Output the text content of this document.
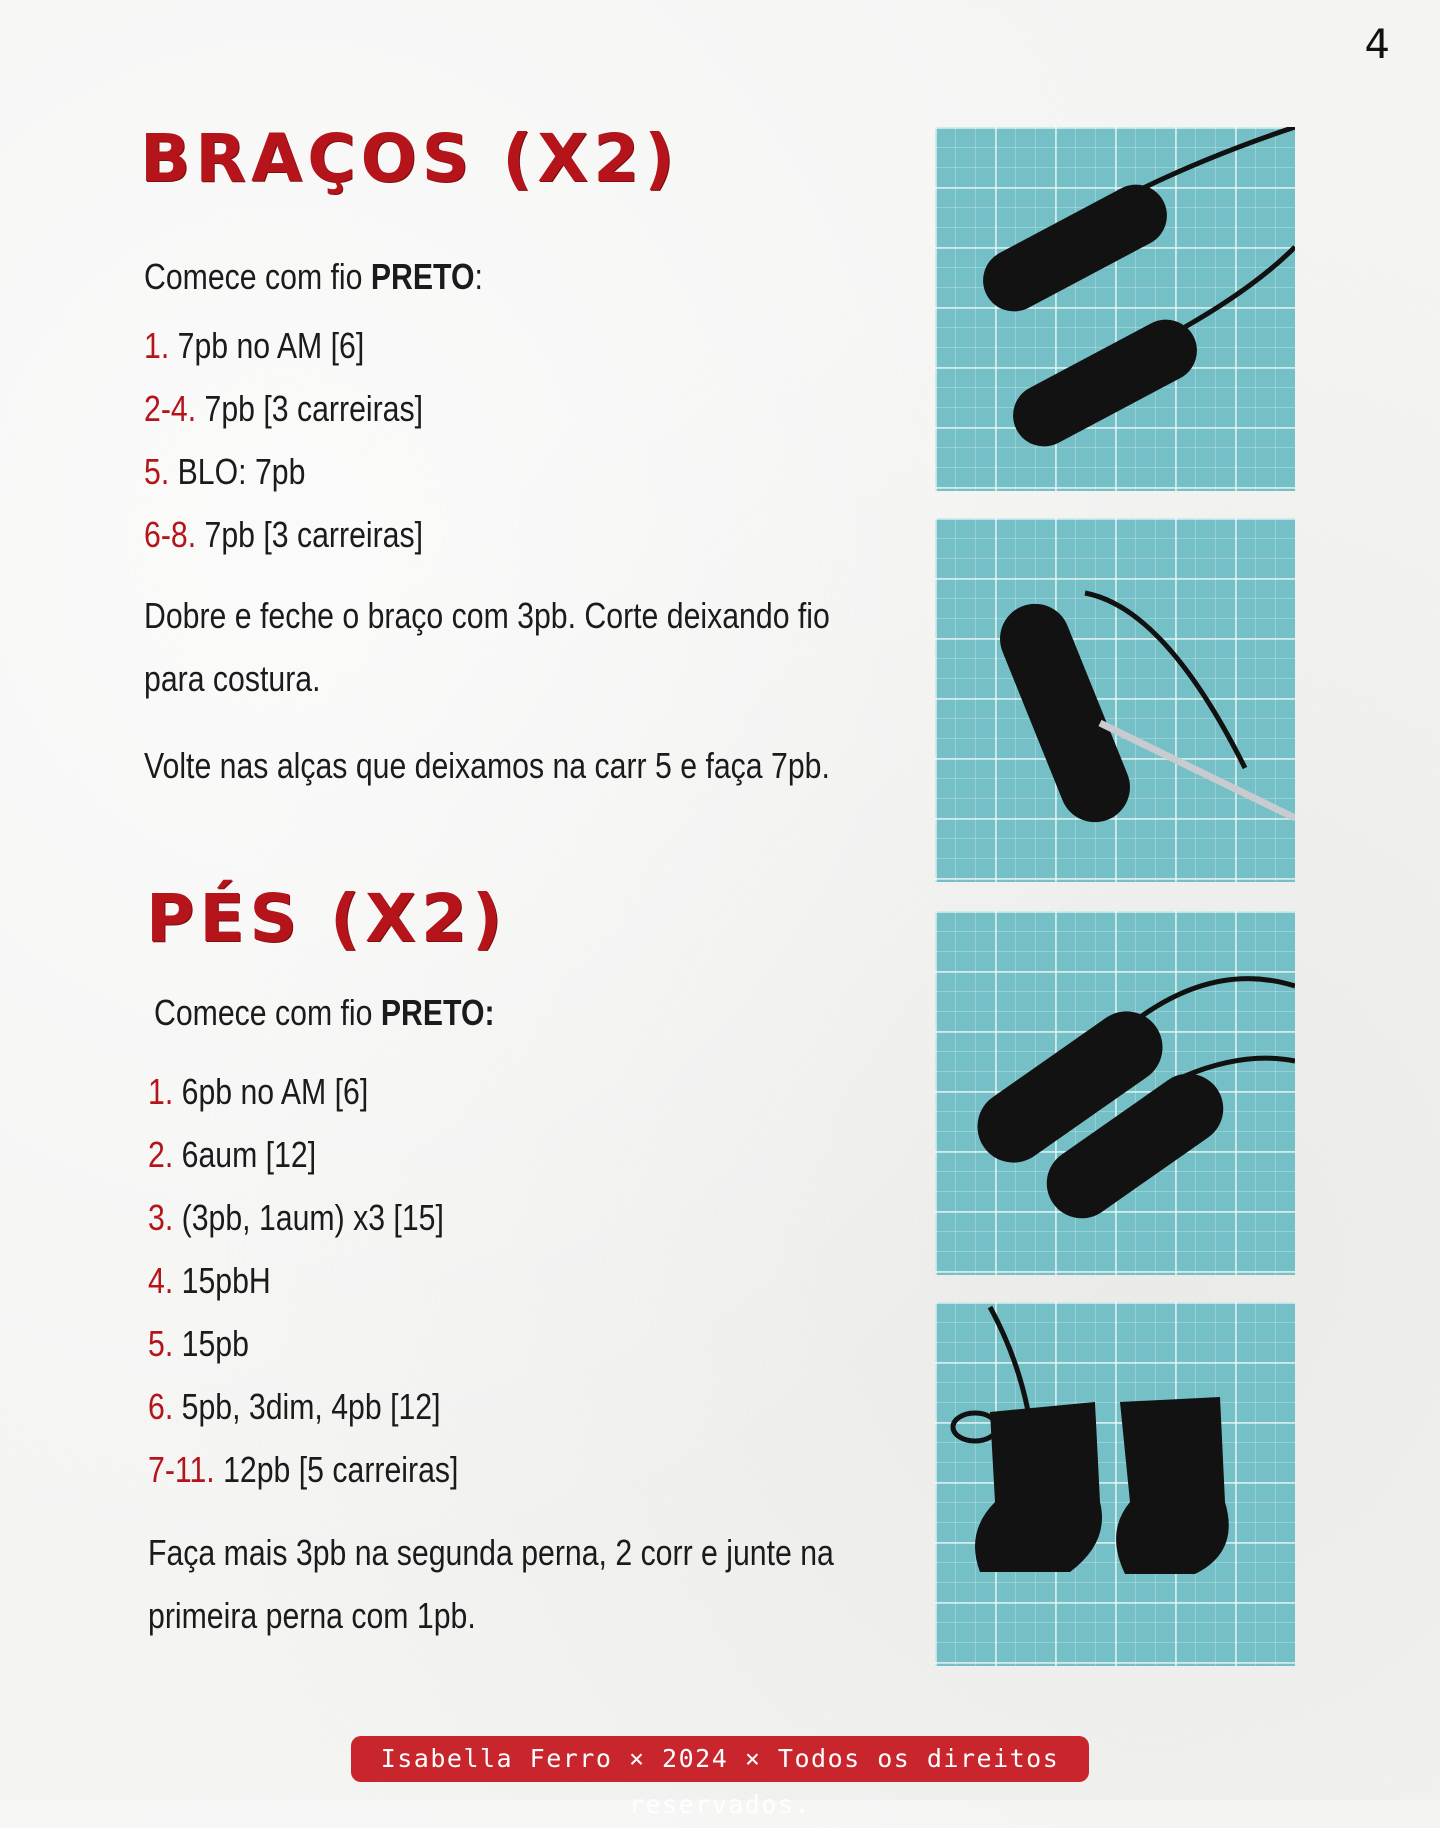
4
BRAÇOS (X2)
Comece com fio PRETO:
1. 7pb no AM [6]
2-4. 7pb [3 carreiras]
5. BLO: 7pb
6-8. 7pb [3 carreiras]

Dobre e feche o braço com 3pb. Corte deixando fio para costura.

Volte nas alças que deixamos na carr 5 e faça 7pb.

PÉS (X2)
Comece com fio PRETO:
1. 6pb no AM [6]
2. 6aum [12]
3. (3pb, 1aum) x3 [15]
4. 15pbH
5. 15pb
6. 5pb, 3dim, 4pb [12]
7-11. 12pb [5 carreiras]

Faça mais 3pb na segunda perna, 2 corr e junte na primeira perna com 1pb.

Isabella Ferro × 2024 × Todos os direitos reservados.
